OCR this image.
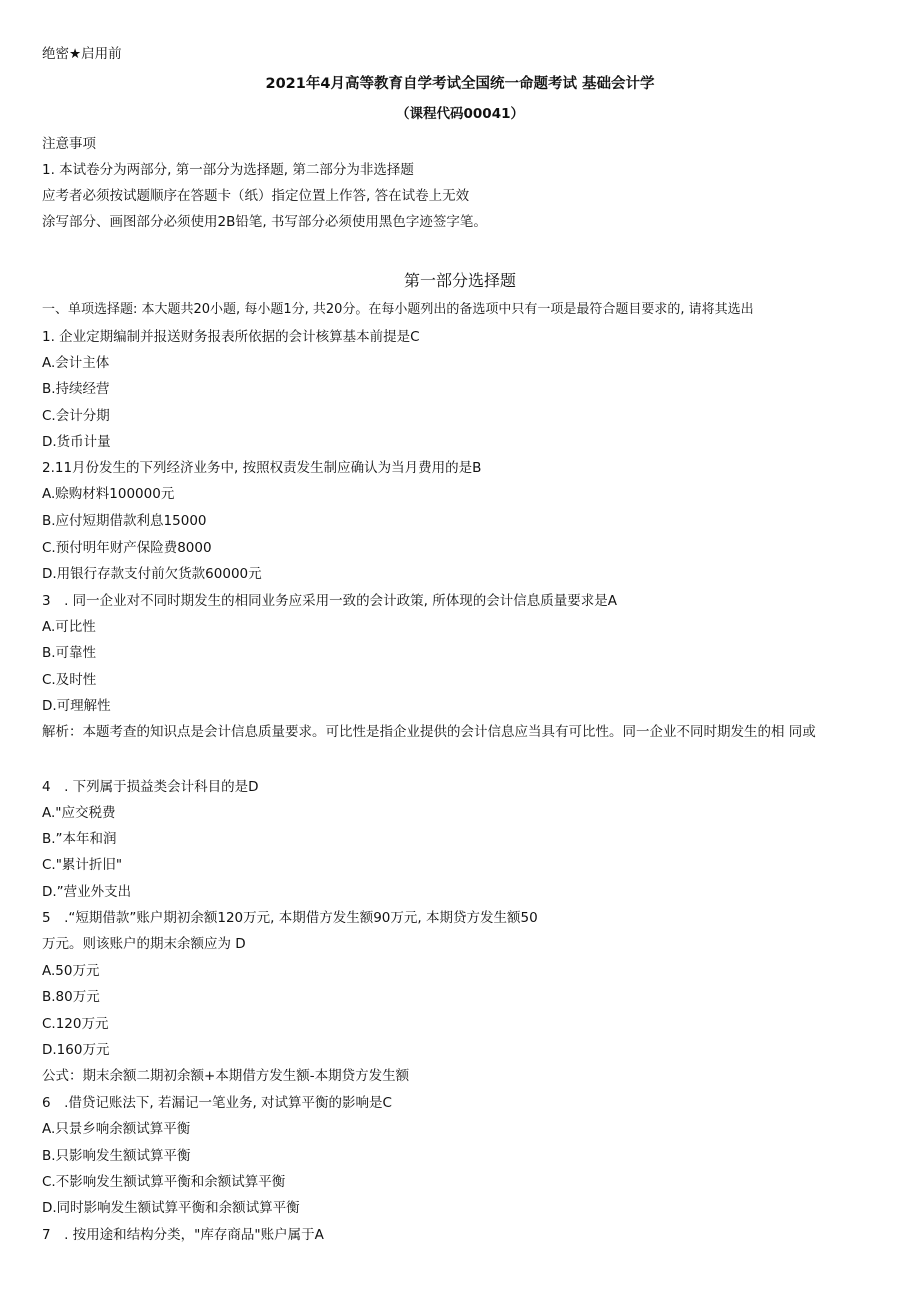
绝密★启用前
2021年4月高等教育自学考试全国统一命题考试 基础会计学
（课程代码00041）
注意事项
1. 本试卷分为两部分, 第一部分为选择题, 第二部分为非选择题
应考者必须按试题顺序在答题卡（纸）指定位置上作答, 答在试卷上无效
涂写部分、画图部分必须使用2B铅笔, 书写部分必须使用黑色字迹签字笔。
第一部分选择题
一、单项选择题: 本大题共20小题, 每小题1分, 共20分。在每小题列出的备选项中只有一项是最符合题目要求的, 请将其选出
1. 企业定期编制并报送财务报表所依据的会计核算基本前提是C
A.会计主体
B.持续经营
C.会计分期
D.货币计量
2.11月份发生的下列经济业务中, 按照权责发生制应确认为当月费用的是B
A.赊购材料100000元
B.应付短期借款利息15000
C.预付明年财产保险费8000
D.用银行存款支付前欠货款60000元
3　. 同一企业对不同时期发生的相同业务应采用一致的会计政策, 所体现的会计信息质量要求是A
A.可比性
B.可靠性
C.及时性
D.可理解性
解析：本题考查的知识点是会计信息质量要求。可比性是指企业提供的会计信息应当具有可比性。同一企业不同时期发生的相 同或
4　. 下列属于损益类会计科目的是D
A."应交税费
B.”本年和润
C."累计折旧"
D.”营业外支出
5　.“短期借款”账户期初余额120万元, 本期借方发生额90万元, 本期贷方发生额50
万元。则该账户的期末余额应为 D
A.50万元
B.80万元
C.120万元
D.160万元
公式：期末余额二期初余额+本期借方发生额-本期贷方发生额
6　.借贷记账法下, 若漏记一笔业务, 对试算平衡的影响是C
A.只景乡响余额试算平衡
B.只影响发生额试算平衡
C.不影响发生额试算平衡和余额试算平衡
D.同时影响发生额试算平衡和余额试算平衡
7　. 按用途和结构分类，"库存商品"账户属于A
